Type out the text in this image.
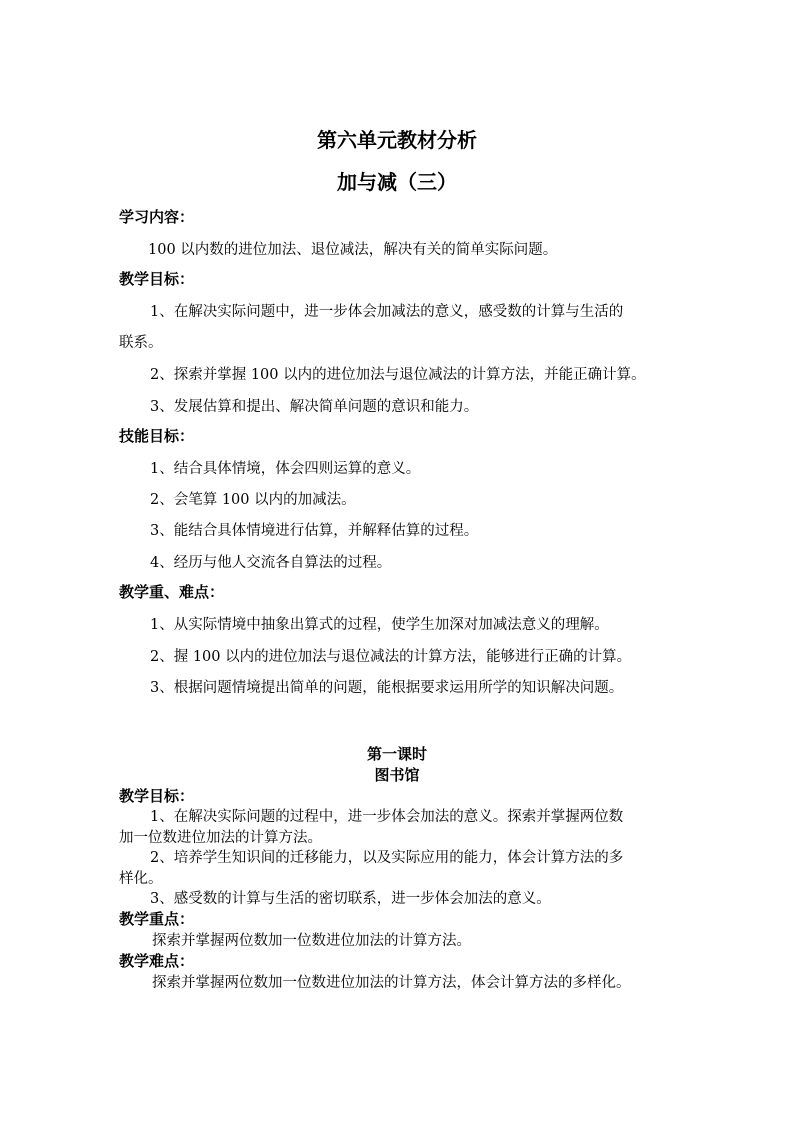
第六单元教材分析
加与减（三）
学习内容：
100 以内数的进位加法、退位减法，解决有关的简单实际问题。
教学目标：
1、在解决实际问题中，进一步体会加减法的意义，感受数的计算与生活的
联系。
2、探索并掌握 100 以内的进位加法与退位减法的计算方法，并能正确计算。
3、发展估算和提出、解决简单问题的意识和能力。
技能目标：
1、结合具体情境，体会四则运算的意义。
2、会笔算 100 以内的加减法。
3、能结合具体情境进行估算，并解释估算的过程。
4、经历与他人交流各自算法的过程。
教学重、难点：
1、从实际情境中抽象出算式的过程，使学生加深对加减法意义的理解。
2、握 100 以内的进位加法与退位减法的计算方法，能够进行正确的计算。
3、根据问题情境提出简单的问题，能根据要求运用所学的知识解决问题。
第一课时
图书馆
教学目标：
1、在解决实际问题的过程中，进一步体会加法的意义。探索并掌握两位数
加一位数进位加法的计算方法。
2、培养学生知识间的迁移能力，以及实际应用的能力，体会计算方法的多
样化。
3、感受数的计算与生活的密切联系，进一步体会加法的意义。
教学重点：
探索并掌握两位数加一位数进位加法的计算方法。
教学难点：
探索并掌握两位数加一位数进位加法的计算方法，体会计算方法的多样化。
